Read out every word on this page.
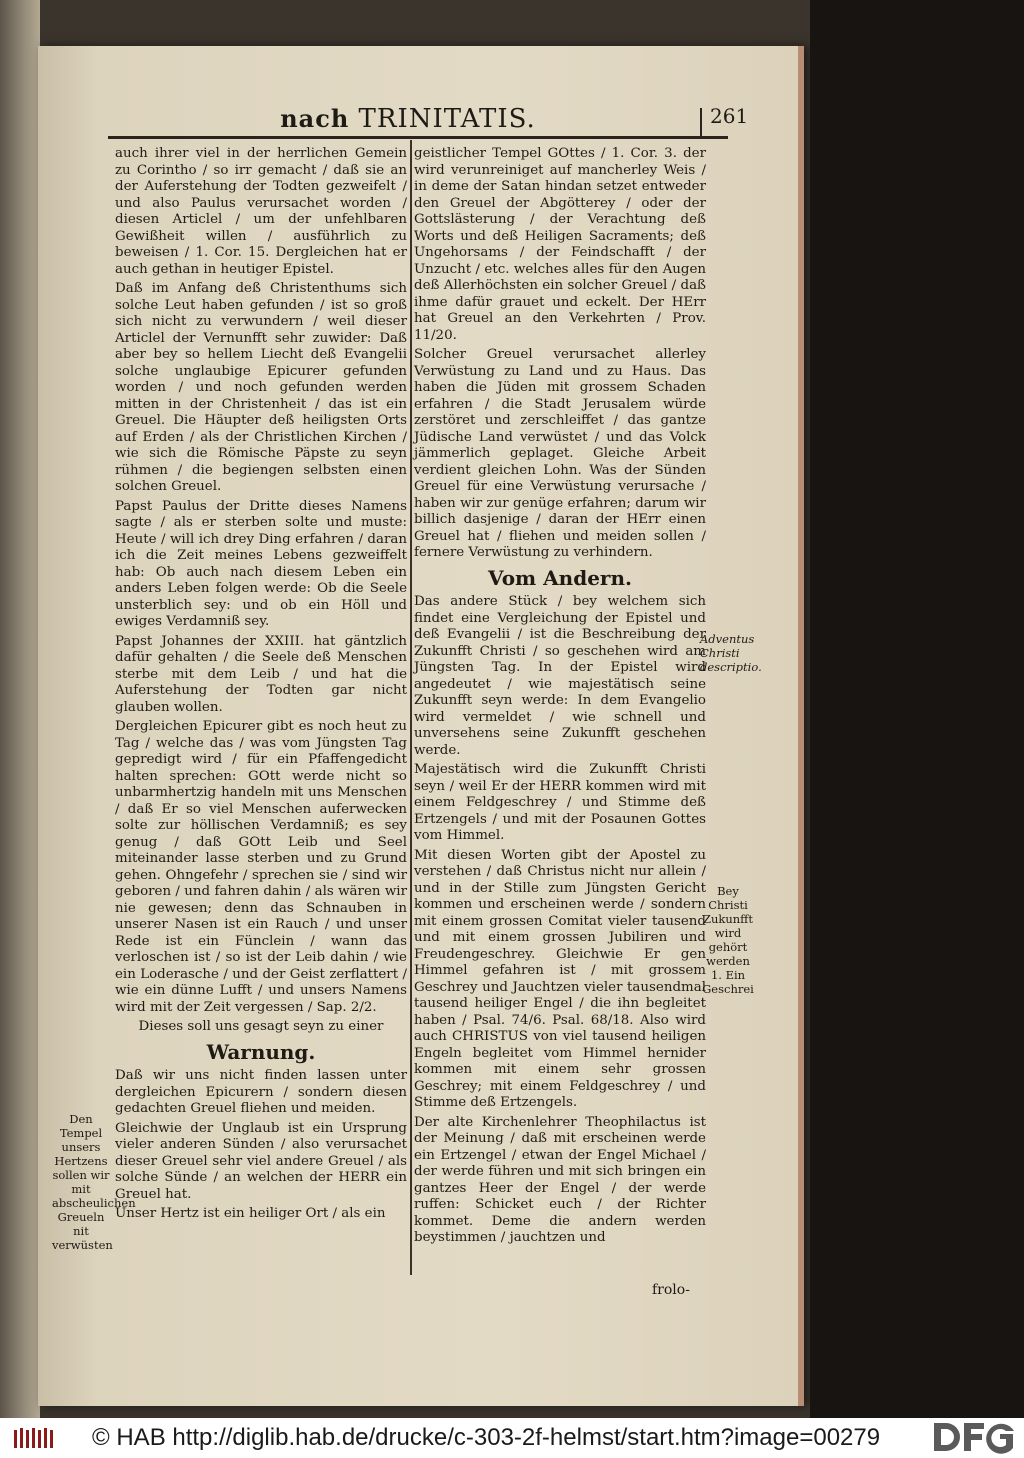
nach TRINITATIS.	261

auch ihrer viel in der herrlichen Gemein zu Corintho / so irr gemacht / daß sie an der Auferstehung der Todten gezweifelt / und also Paulus verursachet worden / diesen Articlel / um der unfehlbaren Gewißheit willen / ausführlich zu beweisen / 1. Cor. 15. Dergleichen hat er auch gethan in heutiger Epistel.

Daß im Anfang deß Christenthums sich solche Leut haben gefunden / ist so groß sich nicht zu verwundern / weil dieser Articlel der Vernunfft sehr zuwider: Daß aber bey so hellem Liecht deß Evangelii solche unglaubige Epicurer gefunden worden / und noch gefunden werden mitten in der Christenheit / das ist ein Greuel. Die Häupter deß heiligsten Orts auf Erden / als der Christlichen Kirchen / wie sich die Römische Päpste zu seyn rühmen / die begiengen selbsten einen solchen Greuel.

Papst Paulus der Dritte dieses Namens sagte / als er sterben solte und muste: Heute / will ich drey Ding erfahren / daran ich die Zeit meines Lebens gezweiffelt hab: Ob auch nach diesem Leben ein anders Leben folgen werde: Ob die Seele unsterblich sey: und ob ein Höll und ewiges Verdamniß sey.

Papst Johannes der XXIII. hat gäntzlich dafür gehalten / die Seele deß Menschen sterbe mit dem Leib / und hat die Auferstehung der Todten gar nicht glauben wollen.

Dergleichen Epicurer gibt es noch heut zu Tag / welche das / was vom Jüngsten Tag gepredigt wird / für ein Pfaffengedicht halten sprechen: GOtt werde nicht so unbarmhertzig handeln mit uns Menschen / daß Er so viel Menschen auferwecken solte zur höllischen Verdamniß; es sey genug / daß GOtt Leib und Seel miteinander lasse sterben und zu Grund gehen. Ohngefehr / sprechen sie / sind wir geboren / und fahren dahin / als wären wir nie gewesen; denn das Schnauben in unserer Nasen ist ein Rauch / und unser Rede ist ein Fünclein / wann das verloschen ist / so ist der Leib dahin / wie ein Loderasche / und der Geist zerflattert / wie ein dünne Lufft / und unsers Namens wird mit der Zeit vergessen / Sap. 2/2.

Dieses soll uns gesagt seyn zu einer

Warnung.

Daß wir uns nicht finden lassen unter dergleichen Epicurern / sondern diesen gedachten Greuel fliehen und meiden.

Gleichwie der Unglaub ist ein Ursprung vieler anderen Sünden / also verursachet dieser Greuel sehr viel andere Greuel / als solche Sünde / an welchen der HERR ein Greuel hat.

Unser Hertz ist ein heiliger Ort / als ein

geistlicher Tempel GOttes / 1. Cor. 3. der wird verunreiniget auf mancherley Weis / in deme der Satan hindan setzet entweder den Greuel der Abgötterey / oder der Gottslästerung / der Verachtung deß Worts und deß Heiligen Sacraments; deß Ungehorsams / der Feindschafft / der Unzucht / etc. welches alles für den Augen deß Allerhöchsten ein solcher Greuel / daß ihme dafür grauet und eckelt. Der HErr hat Greuel an den Verkehrten / Prov. 11/20.

Solcher Greuel verursachet allerley Verwüstung zu Land und zu Haus. Das haben die Jüden mit grossem Schaden erfahren / die Stadt Jerusalem würde zerstöret und zerschleiffet / das gantze Jüdische Land verwüstet / und das Volck jämmerlich geplaget. Gleiche Arbeit verdient gleichen Lohn. Was der Sünden Greuel für eine Verwüstung verursache / haben wir zur genüge erfahren; darum wir billich dasjenige / daran der HErr einen Greuel hat / fliehen und meiden sollen / fernere Verwüstung zu verhindern.

Vom Andern.

Das andere Stück / bey welchem sich findet eine Vergleichung der Epistel und deß Evangelii / ist die Beschreibung der Zukunfft Christi / so geschehen wird am Jüngsten Tag. In der Epistel wird angedeutet / wie majestätisch seine Zukunfft seyn werde: In dem Evangelio wird vermeldet / wie schnell und unversehens seine Zukunfft geschehen werde.

Majestätisch wird die Zukunfft Christi seyn / weil Er der HERR kommen wird mit einem Feldgeschrey / und Stimme deß Ertzengels / und mit der Posaunen Gottes vom Himmel.

Mit diesen Worten gibt der Apostel zu verstehen / daß Christus nicht nur allein / und in der Stille zum Jüngsten Gericht kommen und erscheinen werde / sondern mit einem grossen Comitat vieler tausend und mit einem grossen Jubiliren und Freudengeschrey. Gleichwie Er gen Himmel gefahren ist / mit grossem Geschrey und Jauchtzen vieler tausendmal tausend heiliger Engel / die ihn begleitet haben / Psal. 74/6. Psal. 68/18. Also wird auch CHRISTUS von viel tausend heiligen Engeln begleitet vom Himmel hernider kommen mit einem sehr grossen Geschrey; mit einem Feldgeschrey / und Stimme deß Ertzengels.

Der alte Kirchenlehrer Theophilactus ist der Meinung / daß mit erscheinen werde ein Ertzengel / etwan der Engel Michael / der werde führen und mit sich bringen ein gantzes Heer der Engel / der werde ruffen: Schicket euch / der Richter kommet. Deme die andern werden beystimmen / jauchtzen und

Den Tempel unsers Hertzens sollen wir mit abscheulichen Greueln nit verwüsten
Adventus Christi descriptio.
Bey Christi Zukunfft wird gehört werden 1. Ein Geschrei
frolo-
© HAB http://diglib.hab.de/drucke/c-303-2f-helmst/start.htm?image=00279
